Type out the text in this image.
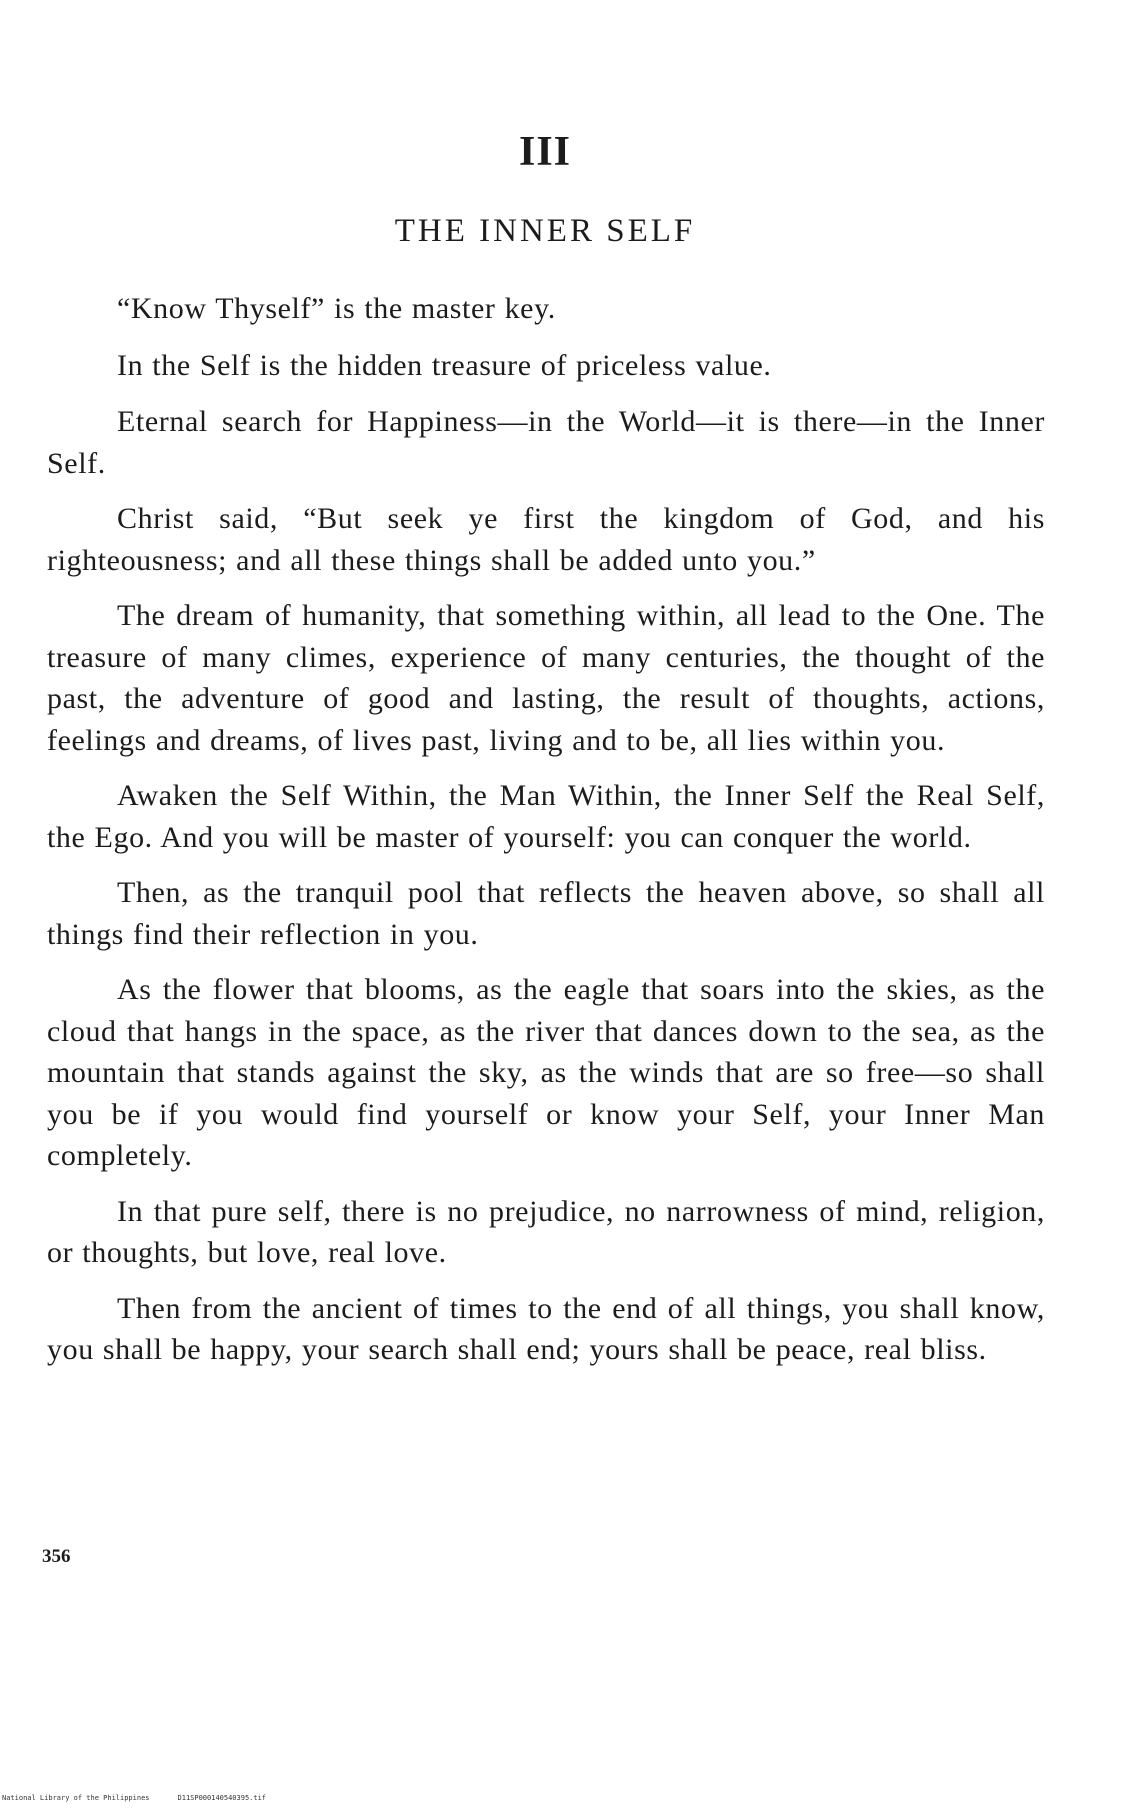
III
THE INNER SELF

“Know Thyself” is the master key.

In the Self is the hidden treasure of priceless value.

Eternal search for Happiness—in the World—it is there—in the Inner Self.

Christ said, “But seek ye first the kingdom of God, and his righteousness; and all these things shall be added unto you.”

The dream of humanity, that something within, all lead to the One. The treasure of many climes, experience of many centuries, the thought of the past, the adventure of good and lasting, the result of thoughts, actions, feelings and dreams, of lives past, living and to be, all lies within you.

Awaken the Self Within, the Man Within, the Inner Self the Real Self, the Ego. And you will be master of yourself: you can conquer the world.

Then, as the tranquil pool that reflects the heaven above, so shall all things find their reflection in you.

As the flower that blooms, as the eagle that soars into the skies, as the cloud that hangs in the space, as the river that dances down to the sea, as the mountain that stands against the sky, as the winds that are so free—so shall you be if you would find yourself or know your Self, your Inner Man completely.

In that pure self, there is no prejudice, no narrowness of mind, religion, or thoughts, but love, real love.

Then from the ancient of times to the end of all things, you shall know, you shall be happy, your search shall end; yours shall be peace, real bliss.

356
National Library of the Philippines	D11SP000140540395.tif
